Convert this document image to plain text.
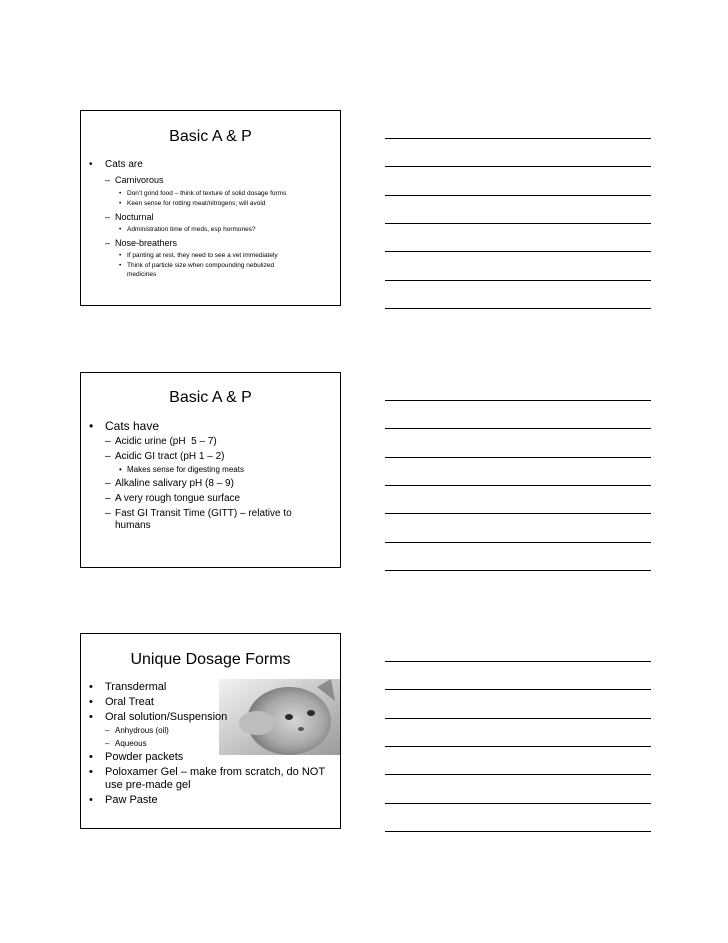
Basic A & P
• Cats are
– Carnivorous
• Don’t grind food – think of texture of solid dosage forms
• Keen sense for rotting meat/nitrogens; will avoid
– Nocturnal
• Administration time of meds, esp hormones?
– Nose-breathers
• If panting at rest, they need to see a vet immediately
• Think of particle size when compounding nebulized medicines
Basic A & P
• Cats have
– Acidic urine (pH  5 – 7)
– Acidic GI tract (pH 1 – 2)
• Makes sense for digesting meats
– Alkaline salivary pH (8 – 9)
– A very rough tongue surface
– Fast GI Transit Time (GITT) – relative to humans
Unique Dosage Forms
• Transdermal
• Oral Treat
• Oral solution/Suspension
– Anhydrous (oil)
– Aqueous
• Powder packets
• Poloxamer Gel – make from scratch, do NOT use pre-made gel
• Paw Paste
